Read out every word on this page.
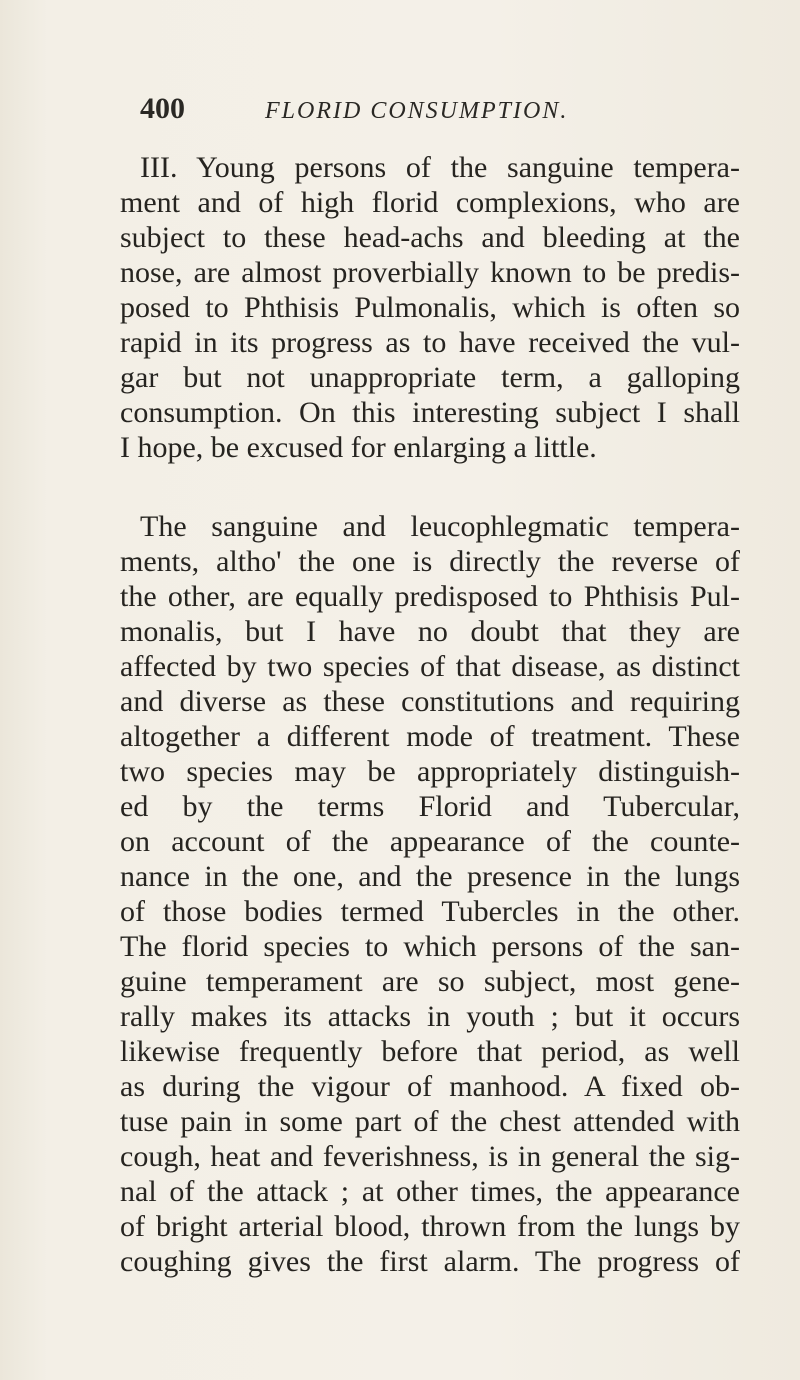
400	FLORID CONSUMPTION.
III. Young persons of the sanguine tempera-
ment and of high florid complexions, who are
subject to these head-achs and bleeding at the
nose, are almost proverbially known to be predis-
posed to Phthisis Pulmonalis, which is often so
rapid in its progress as to have received the vul-
gar but not unappropriate term, a galloping
consumption. On this interesting subject I shall
I hope, be excused for enlarging a little.
The sanguine and leucophlegmatic tempera-
ments, altho' the one is directly the reverse of
the other, are equally predisposed to Phthisis Pul-
monalis, but I have no doubt that they are
affected by two species of that disease, as distinct
and diverse as these constitutions and requiring
altogether a different mode of treatment. These
two species may be appropriately distinguish-
ed by the terms Florid and Tubercular,
on account of the appearance of the counte-
nance in the one, and the presence in the lungs
of those bodies termed Tubercles in the other.
The florid species to which persons of the san-
guine temperament are so subject, most gene-
rally makes its attacks in youth ; but it occurs
likewise frequently before that period, as well
as during the vigour of manhood. A fixed ob-
tuse pain in some part of the chest attended with
cough, heat and feverishness, is in general the sig-
nal of the attack ; at other times, the appearance
of bright arterial blood, thrown from the lungs by
coughing gives the first alarm. The progress of
